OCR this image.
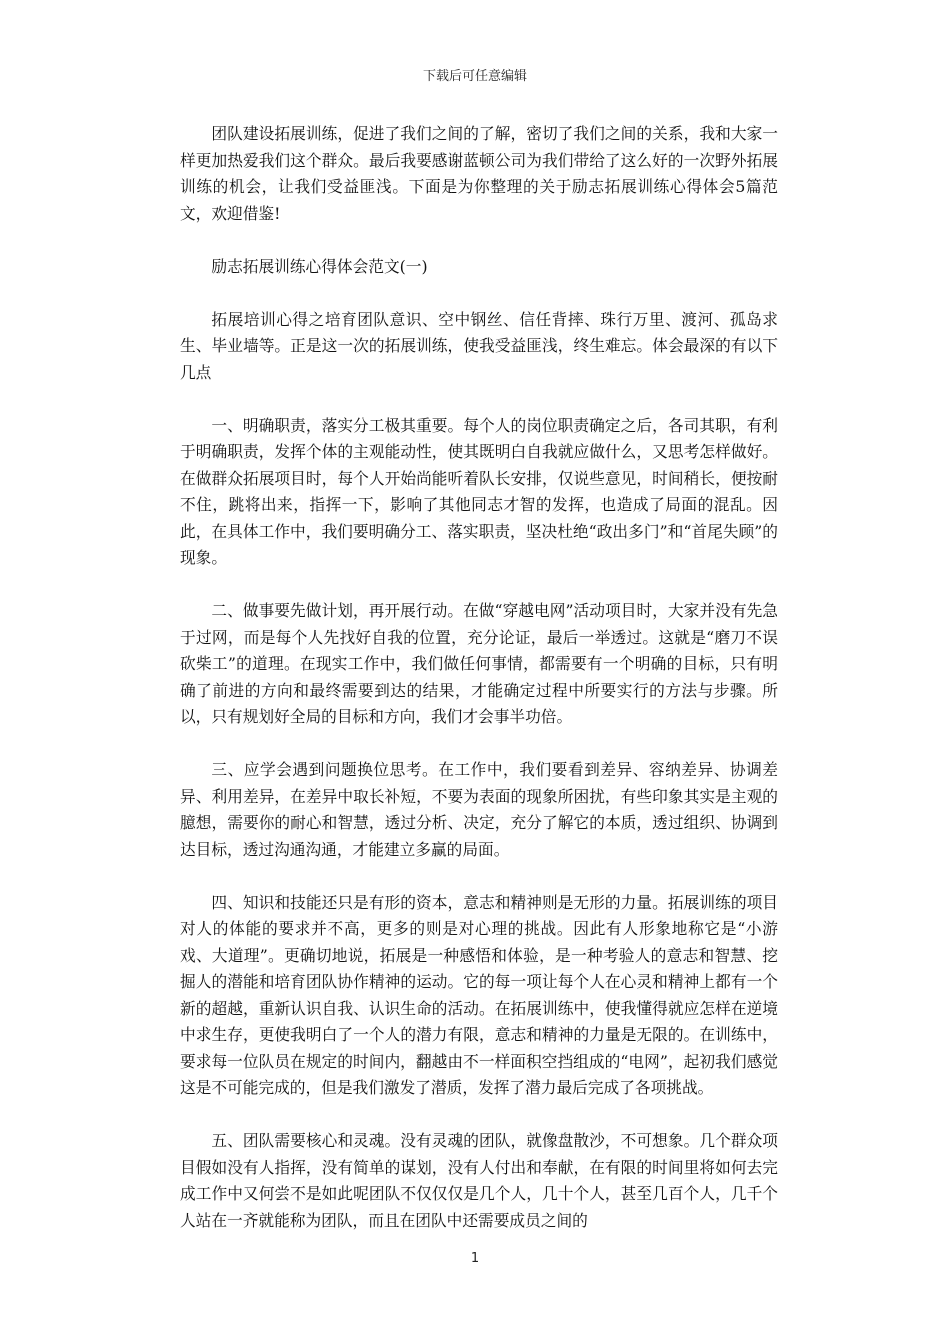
下载后可任意编辑

团队建设拓展训练，促进了我们之间的了解，密切了我们之间的关系，我和大家一样更加热爱我们这个群众。最后我要感谢蓝顿公司为我们带给了这么好的一次野外拓展训练的机会，让我们受益匪浅。下面是为你整理的关于励志拓展训练心得体会5篇范文，欢迎借鉴!

励志拓展训练心得体会范文(一)

拓展培训心得之培育团队意识、空中钢丝、信任背摔、珠行万里、渡河、孤岛求生、毕业墙等。正是这一次的拓展训练，使我受益匪浅，终生难忘。体会最深的有以下几点

一、明确职责，落实分工极其重要。每个人的岗位职责确定之后，各司其职，有利于明确职责，发挥个体的主观能动性，使其既明白自我就应做什么，又思考怎样做好。在做群众拓展项目时，每个人开始尚能听着队长安排，仅说些意见，时间稍长，便按耐不住，跳将出来，指挥一下，影响了其他同志才智的发挥，也造成了局面的混乱。因此，在具体工作中，我们要明确分工、落实职责，坚决杜绝“政出多门”和“首尾失顾”的现象。

二、做事要先做计划，再开展行动。在做“穿越电网”活动项目时，大家并没有先急于过网，而是每个人先找好自我的位置，充分论证，最后一举透过。这就是“磨刀不误砍柴工”的道理。在现实工作中，我们做任何事情，都需要有一个明确的目标，只有明确了前进的方向和最终需要到达的结果，才能确定过程中所要实行的方法与步骤。所以，只有规划好全局的目标和方向，我们才会事半功倍。

三、应学会遇到问题换位思考。在工作中，我们要看到差异、容纳差异、协调差异、利用差异，在差异中取长补短，不要为表面的现象所困扰，有些印象其实是主观的臆想，需要你的耐心和智慧，透过分析、决定，充分了解它的本质，透过组织、协调到达目标，透过沟通沟通，才能建立多赢的局面。

四、知识和技能还只是有形的资本，意志和精神则是无形的力量。拓展训练的项目对人的体能的要求并不高，更多的则是对心理的挑战。因此有人形象地称它是“小游戏、大道理”。更确切地说，拓展是一种感悟和体验，是一种考验人的意志和智慧、挖掘人的潜能和培育团队协作精神的运动。它的每一项让每个人在心灵和精神上都有一个新的超越，重新认识自我、认识生命的活动。在拓展训练中，使我懂得就应怎样在逆境中求生存，更使我明白了一个人的潜力有限，意志和精神的力量是无限的。在训练中，要求每一位队员在规定的时间内，翻越由不一样面积空挡组成的“电网”，起初我们感觉这是不可能完成的，但是我们激发了潜质，发挥了潜力最后完成了各项挑战。

五、团队需要核心和灵魂。没有灵魂的团队，就像盘散沙，不可想象。几个群众项目假如没有人指挥，没有简单的谋划，没有人付出和奉献，在有限的时间里将如何去完成工作中又何尝不是如此呢团队不仅仅仅是几个人，几十个人，甚至几百个人，几千个人站在一齐就能称为团队，而且在团队中还需要成员之间的

1
